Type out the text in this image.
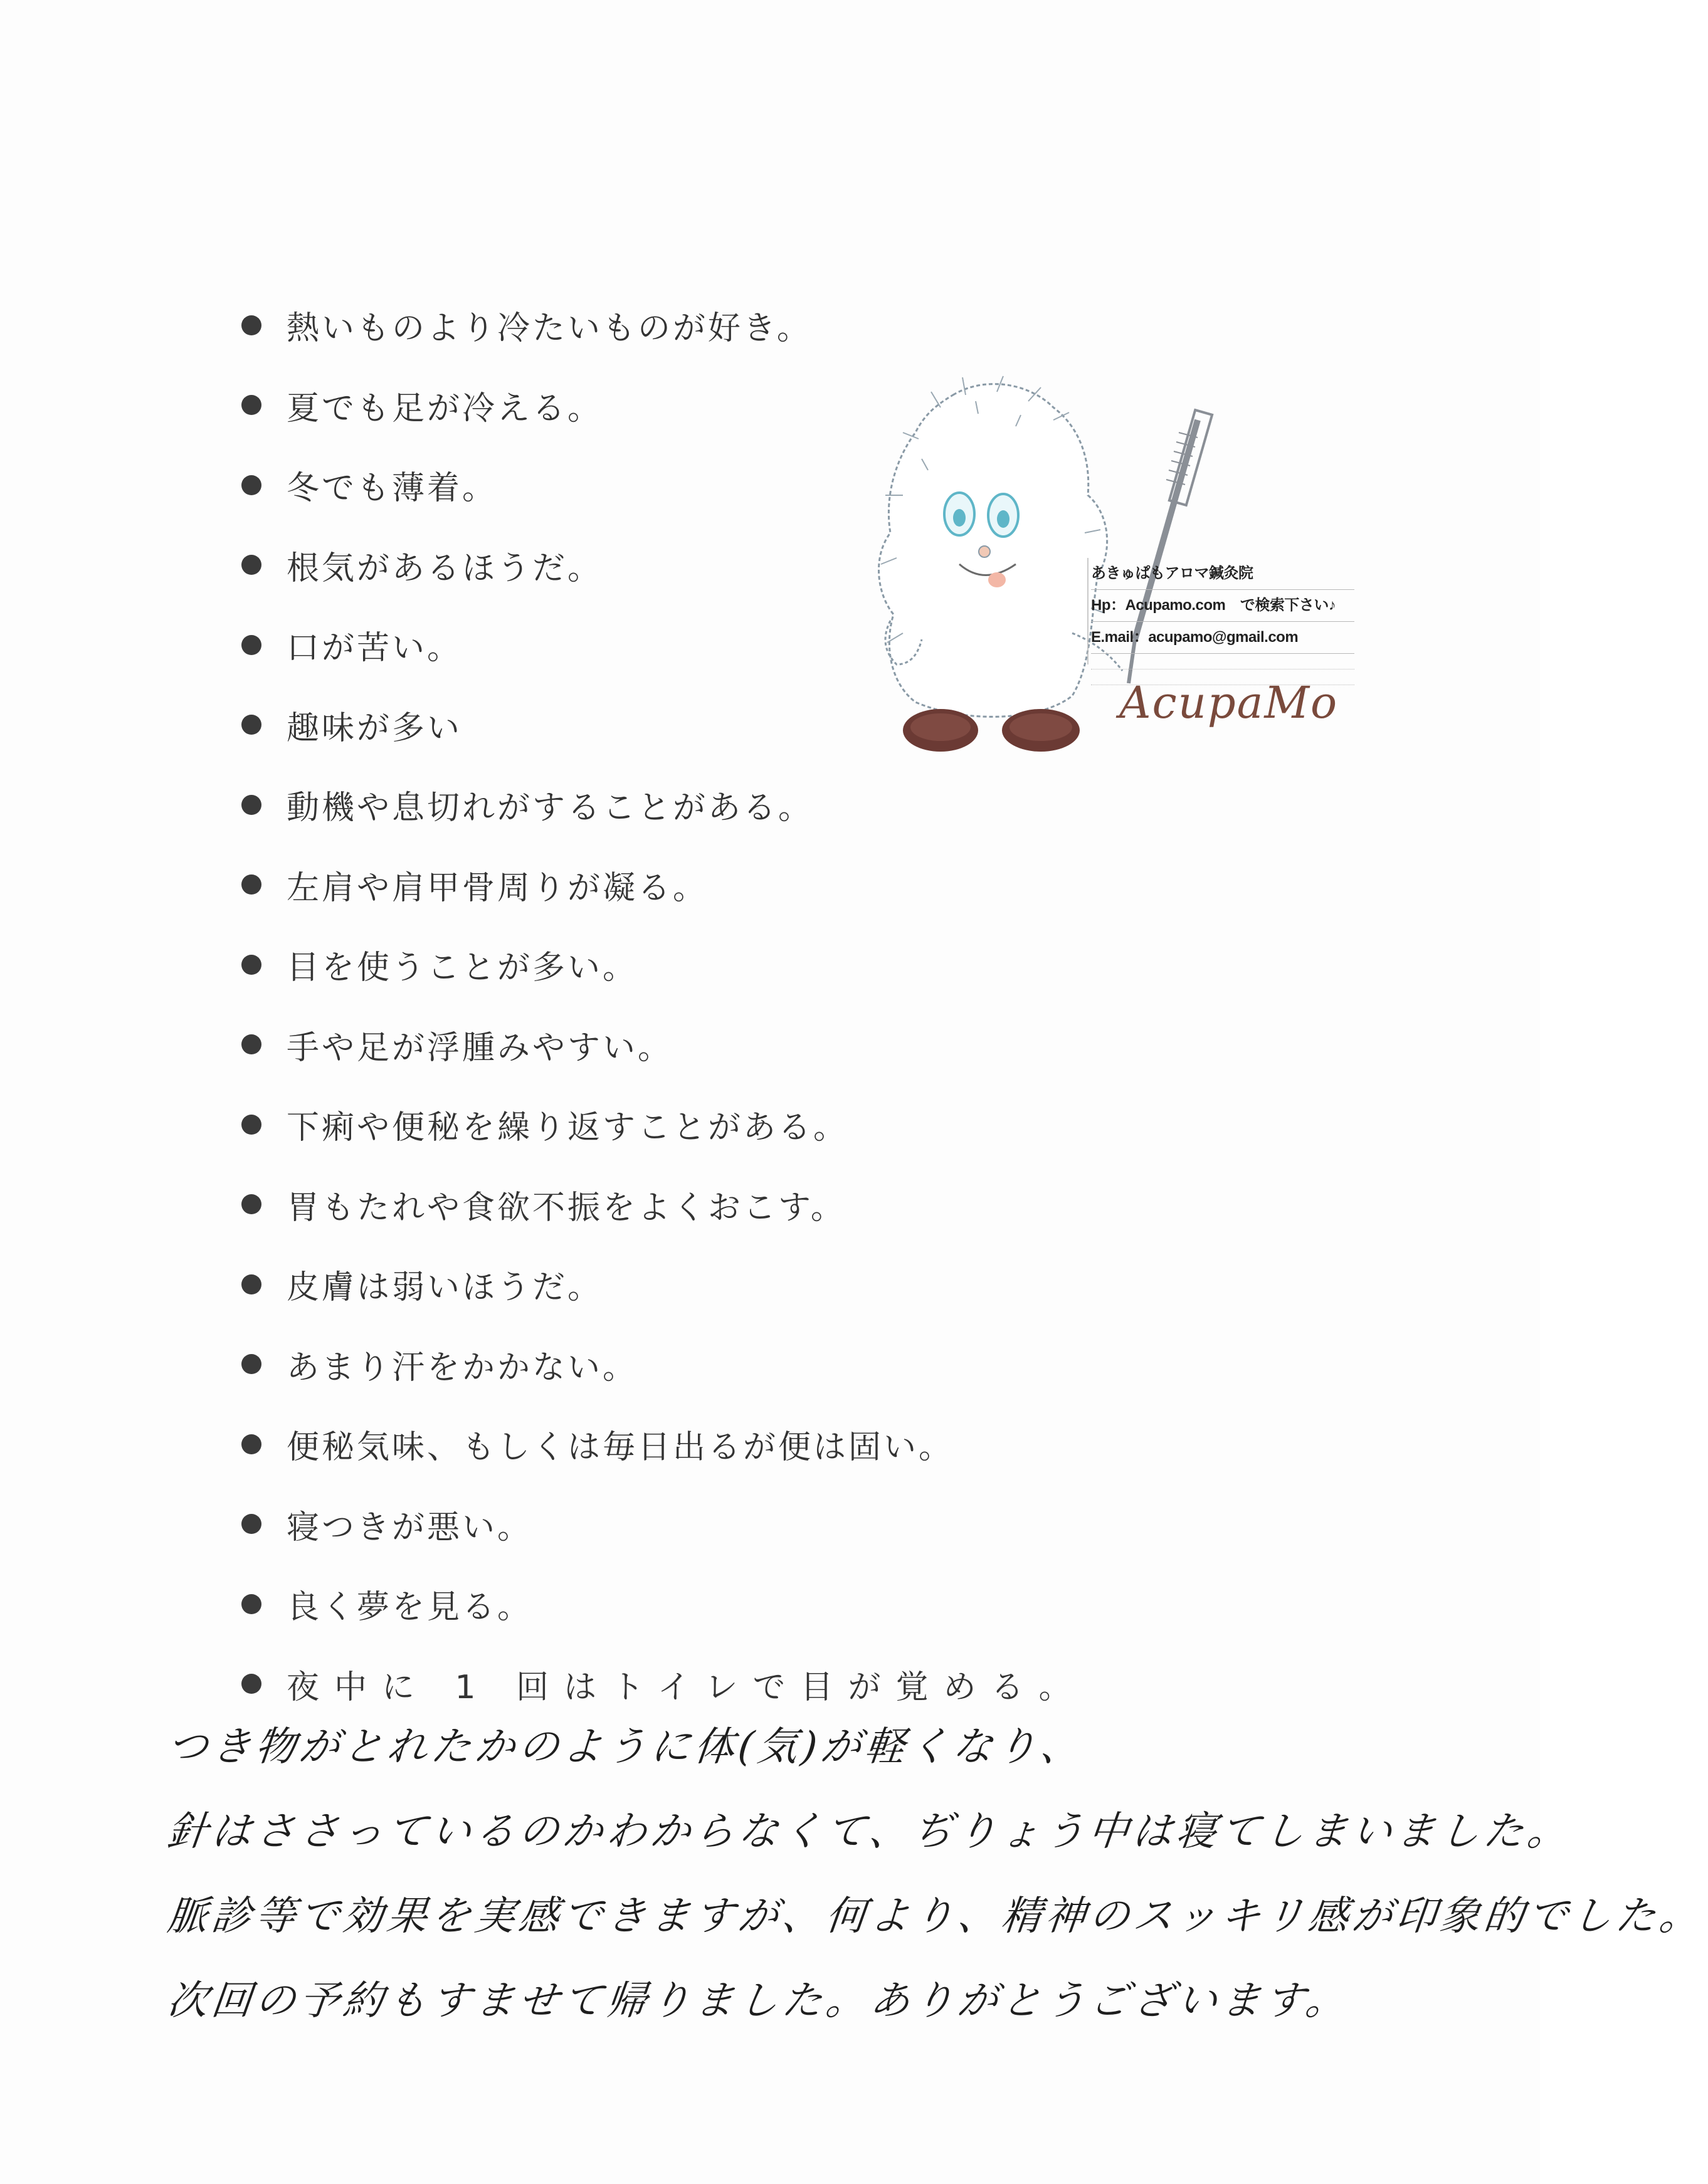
熱いものより冷たいものが好き。
夏でも足が冷える。
冬でも薄着。
根気があるほうだ。
口が苦い。
趣味が多い
動機や息切れがすることがある。
左肩や肩甲骨周りが凝る。
目を使うことが多い。
手や足が浮腫みやすい。
下痢や便秘を繰り返すことがある。
胃もたれや食欲不振をよくおこす。
皮膚は弱いほうだ。
あまり汗をかかない。
便秘気味、もしくは毎日出るが便は固い。
寝つきが悪い。
良く夢を見る。
夜中に 1 回はトイレで目が覚める。
あきゅぱもアロマ鍼灸院
Hp：Acupamo.com　で検索下さい♪
E.mail：acupamo@gmail.com

AcupaMo
つき物がとれたかのように体(気)が軽くなり、
針はささっているのかわからなくて、ぢりょう中は寝てしまいました。
脈診等で効果を実感できますが、何より、精神のスッキリ感が印象的でした。
次回の予約もすませて帰りました。ありがとうございます。
